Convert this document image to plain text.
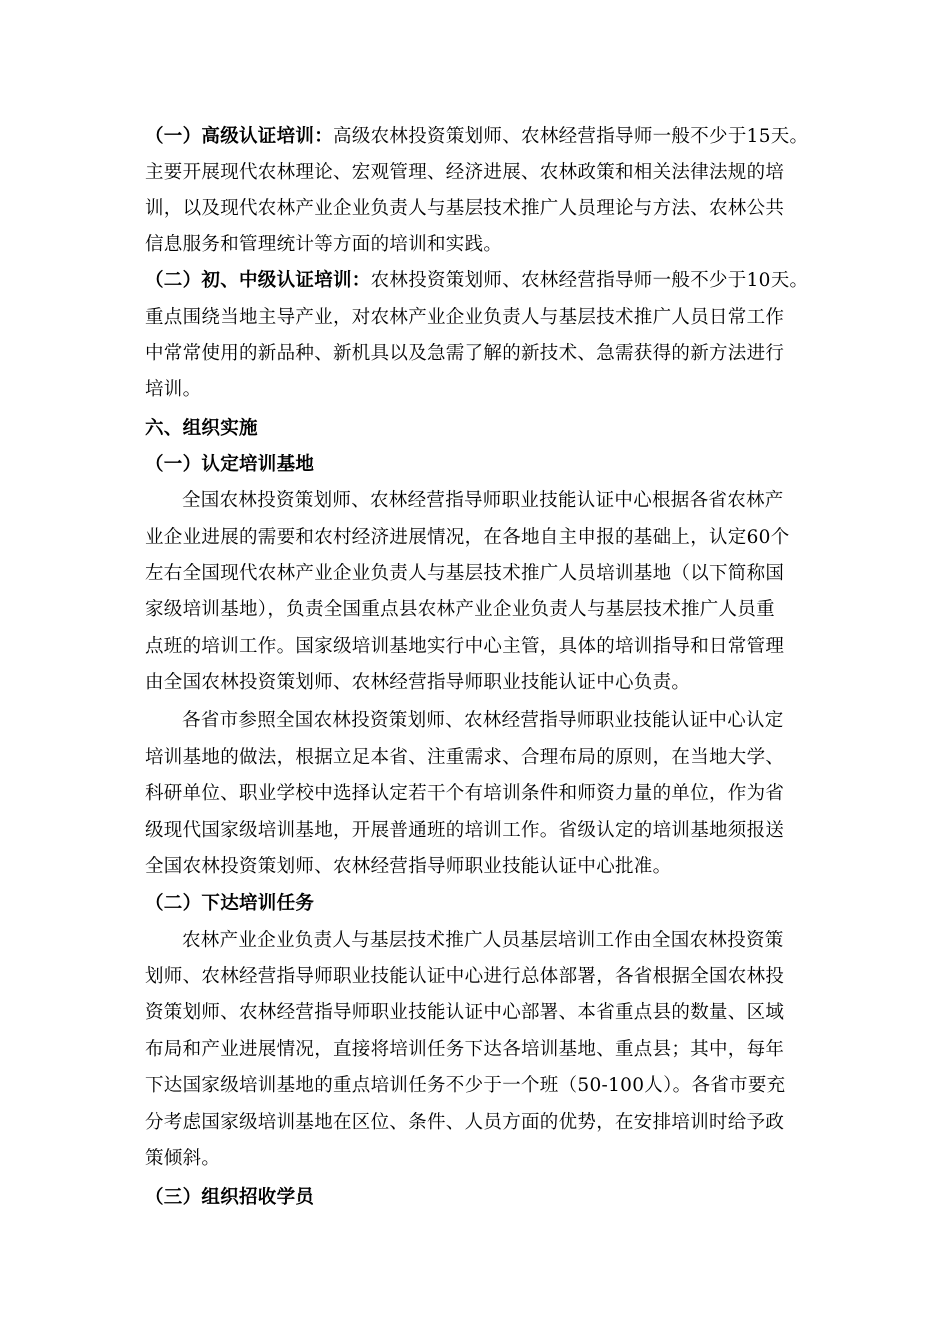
（一）高级认证培训：高级农林投资策划师、农林经营指导师一般不少于15天。

主要开展现代农林理论、宏观管理、经济进展、农林政策和相关法律法规的培

训，以及现代农林产业企业负责人与基层技术推广人员理论与方法、农林公共

信息服务和管理统计等方面的培训和实践。

（二）初、中级认证培训：农林投资策划师、农林经营指导师一般不少于10天。

重点围绕当地主导产业，对农林产业企业负责人与基层技术推广人员日常工作

中常常使用的新品种、新机具以及急需了解的新技术、急需获得的新方法进行

培训。

六、组织实施

（一）认定培训基地

全国农林投资策划师、农林经营指导师职业技能认证中心根据各省农林产

业企业进展的需要和农村经济进展情况，在各地自主申报的基础上，认定60个

左右全国现代农林产业企业负责人与基层技术推广人员培训基地（以下简称国

家级培训基地），负责全国重点县农林产业企业负责人与基层技术推广人员重

点班的培训工作。国家级培训基地实行中心主管，具体的培训指导和日常管理

由全国农林投资策划师、农林经营指导师职业技能认证中心负责。

各省市参照全国农林投资策划师、农林经营指导师职业技能认证中心认定

培训基地的做法，根据立足本省、注重需求、合理布局的原则，在当地大学、

科研单位、职业学校中选择认定若干个有培训条件和师资力量的单位，作为省

级现代国家级培训基地，开展普通班的培训工作。省级认定的培训基地须报送

全国农林投资策划师、农林经营指导师职业技能认证中心批准。

（二）下达培训任务

农林产业企业负责人与基层技术推广人员基层培训工作由全国农林投资策

划师、农林经营指导师职业技能认证中心进行总体部署，各省根据全国农林投

资策划师、农林经营指导师职业技能认证中心部署、本省重点县的数量、区域

布局和产业进展情况，直接将培训任务下达各培训基地、重点县；其中，每年

下达国家级培训基地的重点培训任务不少于一个班（50-100人）。各省市要充

分考虑国家级培训基地在区位、条件、人员方面的优势，在安排培训时给予政

策倾斜。

（三）组织招收学员
